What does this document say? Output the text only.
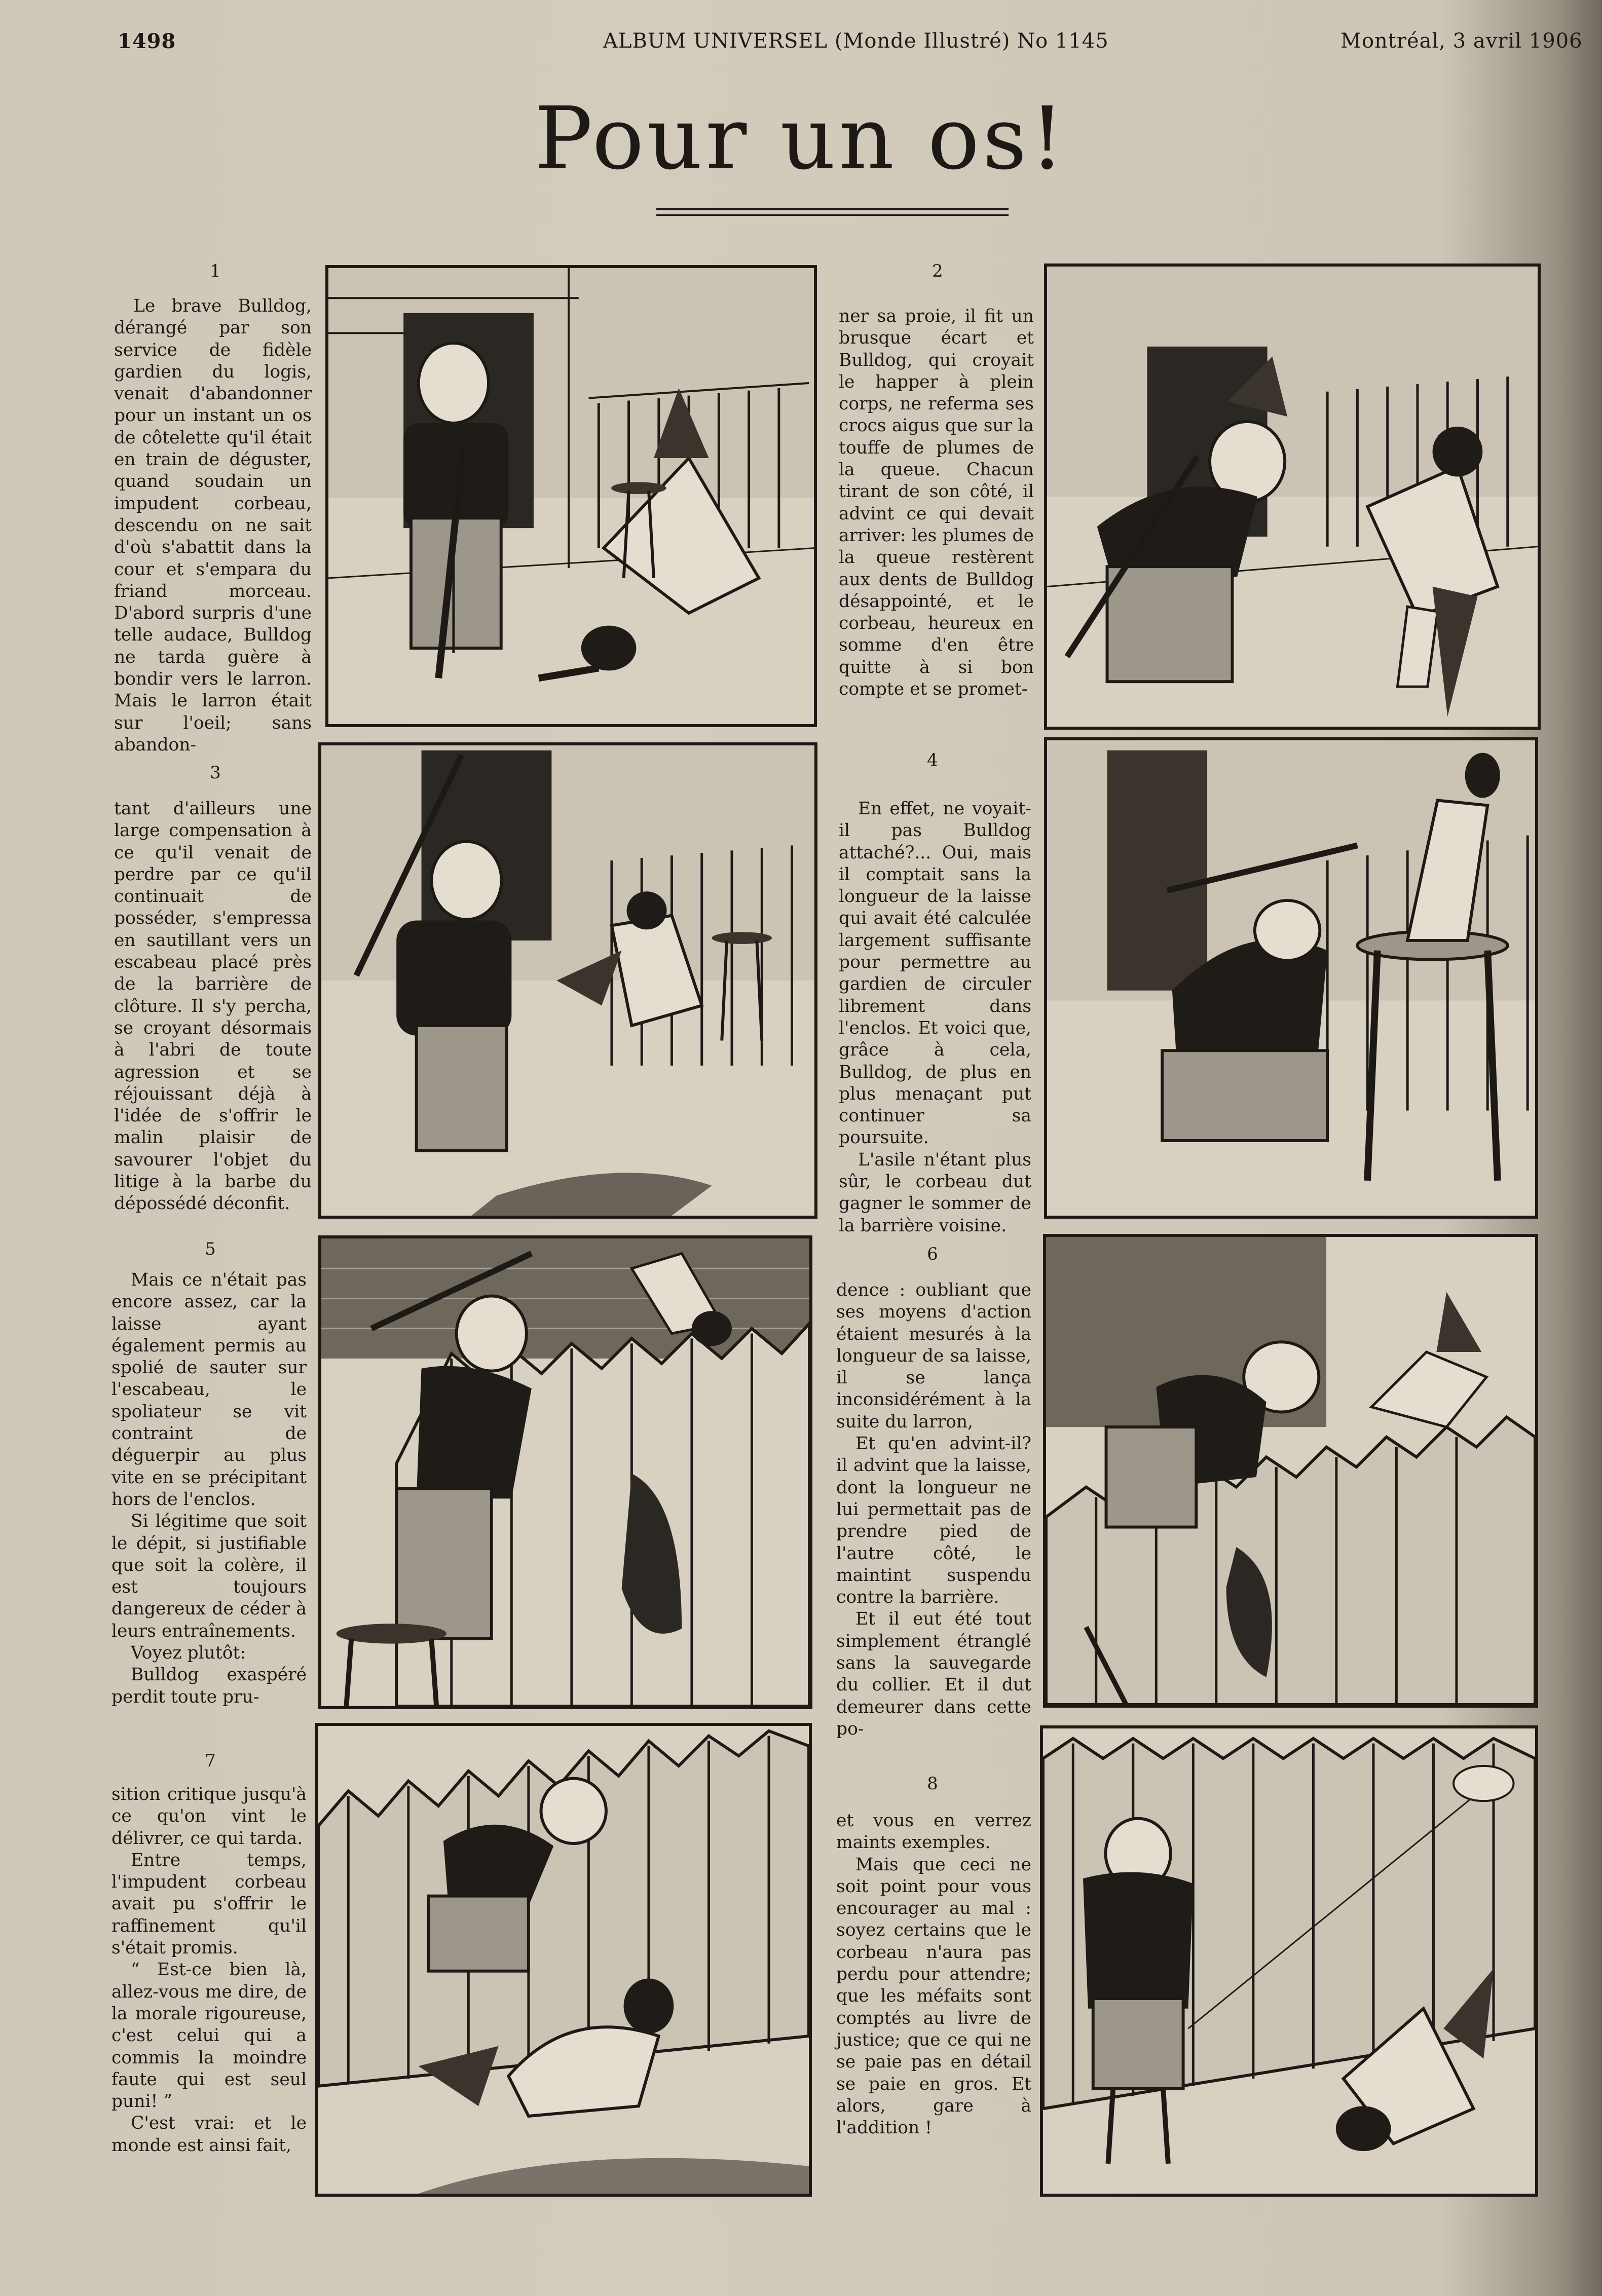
1498	ALBUM UNIVERSEL (Monde Illustré) No 1145	Montréal, 3 avril 1906
Pour un os!
1

Le brave Bulldog, dérangé par son service de fidèle gardien du logis, venait d'abandonner pour un instant un os de côtelette qu'il était en train de déguster, quand soudain un impudent corbeau, descendu on ne sait d'où s'abattit dans la cour et s'empara du friand morceau. D'abord surpris d'une telle audace, Bulldog ne tarda guère à bondir vers le larron. Mais le larron était sur l'oeil; sans abandon-

2

ner sa proie, il fit un brusque écart et Bulldog, qui croyait le happer à plein corps, ne referma ses crocs aigus que sur la touffe de plumes de la queue. Chacun tirant de son côté, il advint ce qui devait arriver: les plumes de la queue restèrent aux dents de Bulldog désappointé, et le corbeau, heureux en somme d'en être quitte à si bon compte et se promet-

3

tant d'ailleurs une large compensation à ce qu'il venait de perdre par ce qu'il continuait de posséder, s'empressa en sautillant vers un escabeau placé près de la barrière de clôture. Il s'y percha, se croyant désormais à l'abri de toute agression et se réjouissant déjà à l'idée de s'offrir le malin plaisir de savourer l'objet du litige à la barbe du dépossédé déconfit.

4

En effet, ne voyait-il pas Bulldog attaché?... Oui, mais il comptait sans la longueur de la laisse qui avait été calculée largement suffisante pour permettre au gardien de circuler librement dans l'enclos. Et voici que, grâce à cela, Bulldog, de plus en plus menaçant put continuer sa poursuite.

L'asile n'étant plus sûr, le corbeau dut gagner le sommer de la barrière voisine.

5

Mais ce n'était pas encore assez, car la laisse ayant également permis au spolié de sauter sur l'escabeau, le spoliateur se vit contraint de déguerpir au plus vite en se précipitant hors de l'enclos.

Si légitime que soit le dépit, si justifiable que soit la colère, il est toujours dangereux de céder à leurs entraînements.

Voyez plutôt:

Bulldog exaspéré perdit toute pru-

6

dence : oubliant que ses moyens d'action étaient mesurés à la longueur de sa laisse, il se lança inconsidérément à la suite du larron,

Et qu'en advint-il? il advint que la laisse, dont la longueur ne lui permettait pas de prendre pied de l'autre côté, le maintint suspendu contre la barrière.

Et il eut été tout simplement étranglé sans la sauvegarde du collier. Et il dut demeurer dans cette po-

7

sition critique jusqu'à ce qu'on vint le délivrer, ce qui tarda.

Entre temps, l'impudent corbeau avait pu s'offrir le raffinement qu'il s'était promis.

“ Est-ce bien là, allez-vous me dire, de la morale rigoureuse, c'est celui qui a commis la moindre faute qui est seul puni! ”

C'est vrai: et le monde est ainsi fait,

8

et vous en verrez maints exemples.

Mais que ceci ne soit point pour vous encourager au mal : soyez certains que le corbeau n'aura pas perdu pour attendre; que les méfaits sont comptés au livre de justice; que ce qui ne se paie pas en détail se paie en gros. Et alors, gare à l'addition !
